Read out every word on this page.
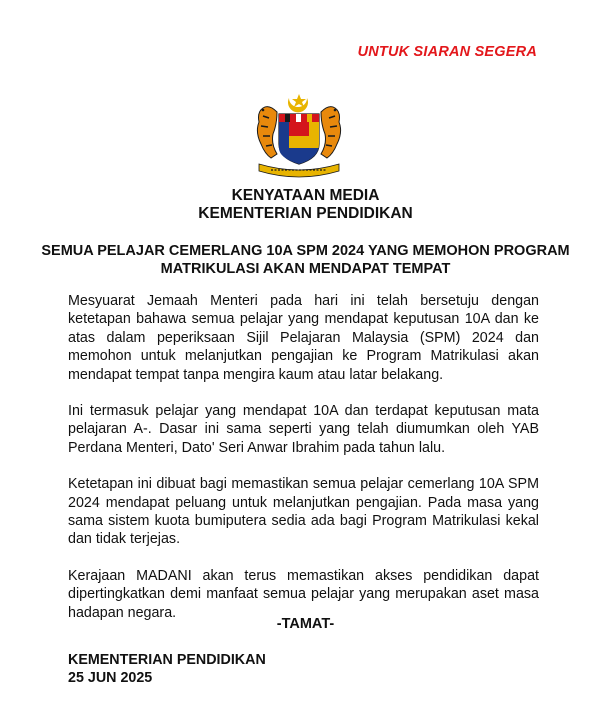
UNTUK SIARAN SEGERA
KENYATAAN MEDIA
KEMENTERIAN PENDIDIKAN
SEMUA PELAJAR CEMERLANG 10A SPM 2024 YANG MEMOHON PROGRAM MATRIKULASI AKAN MENDAPAT TEMPAT

Mesyuarat Jemaah Menteri pada hari ini telah bersetuju dengan ketetapan bahawa semua pelajar yang mendapat keputusan 10A dan ke atas dalam peperiksaan Sijil Pelajaran Malaysia (SPM) 2024 dan memohon untuk melanjutkan pengajian ke Program Matrikulasi akan mendapat tempat tanpa mengira kaum atau latar belakang.

Ini termasuk pelajar yang mendapat 10A dan terdapat keputusan mata pelajaran A-. Dasar ini sama seperti yang telah diumumkan oleh YAB Perdana Menteri, Dato' Seri Anwar Ibrahim pada tahun lalu.

Ketetapan ini dibuat bagi memastikan semua pelajar cemerlang 10A SPM 2024 mendapat peluang untuk melanjutkan pengajian. Pada masa yang sama sistem kuota bumiputera sedia ada bagi Program Matrikulasi kekal dan tidak terjejas.

Kerajaan MADANI akan terus memastikan akses pendidikan dapat dipertingkatkan demi manfaat semua pelajar yang merupakan aset masa hadapan negara.

-TAMAT-
KEMENTERIAN PENDIDIKAN
25 JUN 2025
